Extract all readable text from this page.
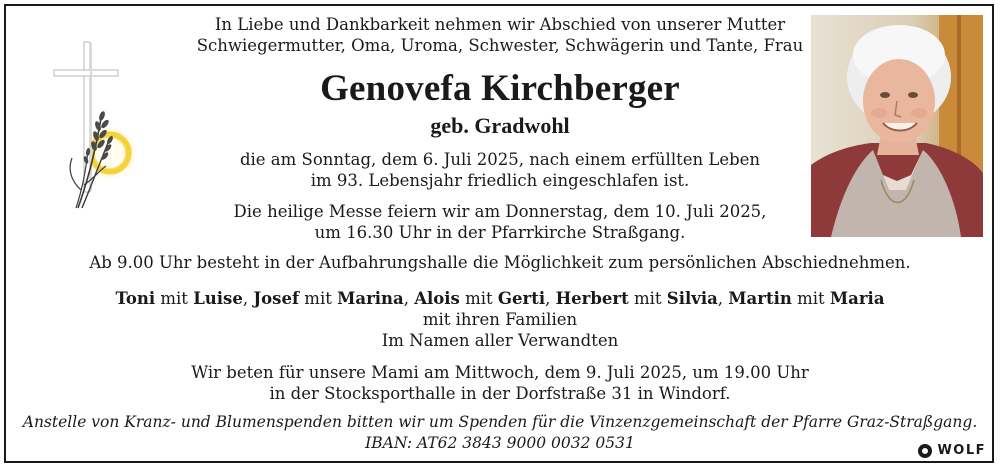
In Liebe und Dankbarkeit nehmen wir Abschied von unserer Mutter
Schwiegermutter, Oma, Uroma, Schwester, Schwägerin und Tante, Frau
Genovefa Kirchberger
geb. Gradwohl
die am Sonntag, dem 6. Juli 2025, nach einem erfüllten Leben
im 93. Lebensjahr friedlich eingeschlafen ist.
Die heilige Messe feiern wir am Donnerstag, dem 10. Juli 2025,
um 16.30 Uhr in der Pfarrkirche Straßgang.
Ab 9.00 Uhr besteht in der Aufbahrungshalle die Möglichkeit zum persönlichen Abschiednehmen.
Toni mit Luise, Josef mit Marina, Alois mit Gerti, Herbert mit Silvia, Martin mit Maria
mit ihren Familien
Im Namen aller Verwandten
Wir beten für unsere Mami am Mittwoch, dem 9. Juli 2025, um 19.00 Uhr
in der Stocksporthalle in der Dorfstraße 31 in Windorf.
Anstelle von Kranz- und Blumenspenden bitten wir um Spenden für die Vinzenzgemeinschaft der Pfarre Graz-Straßgang.
IBAN: AT62 3843 9000 0032 0531	WOLF
